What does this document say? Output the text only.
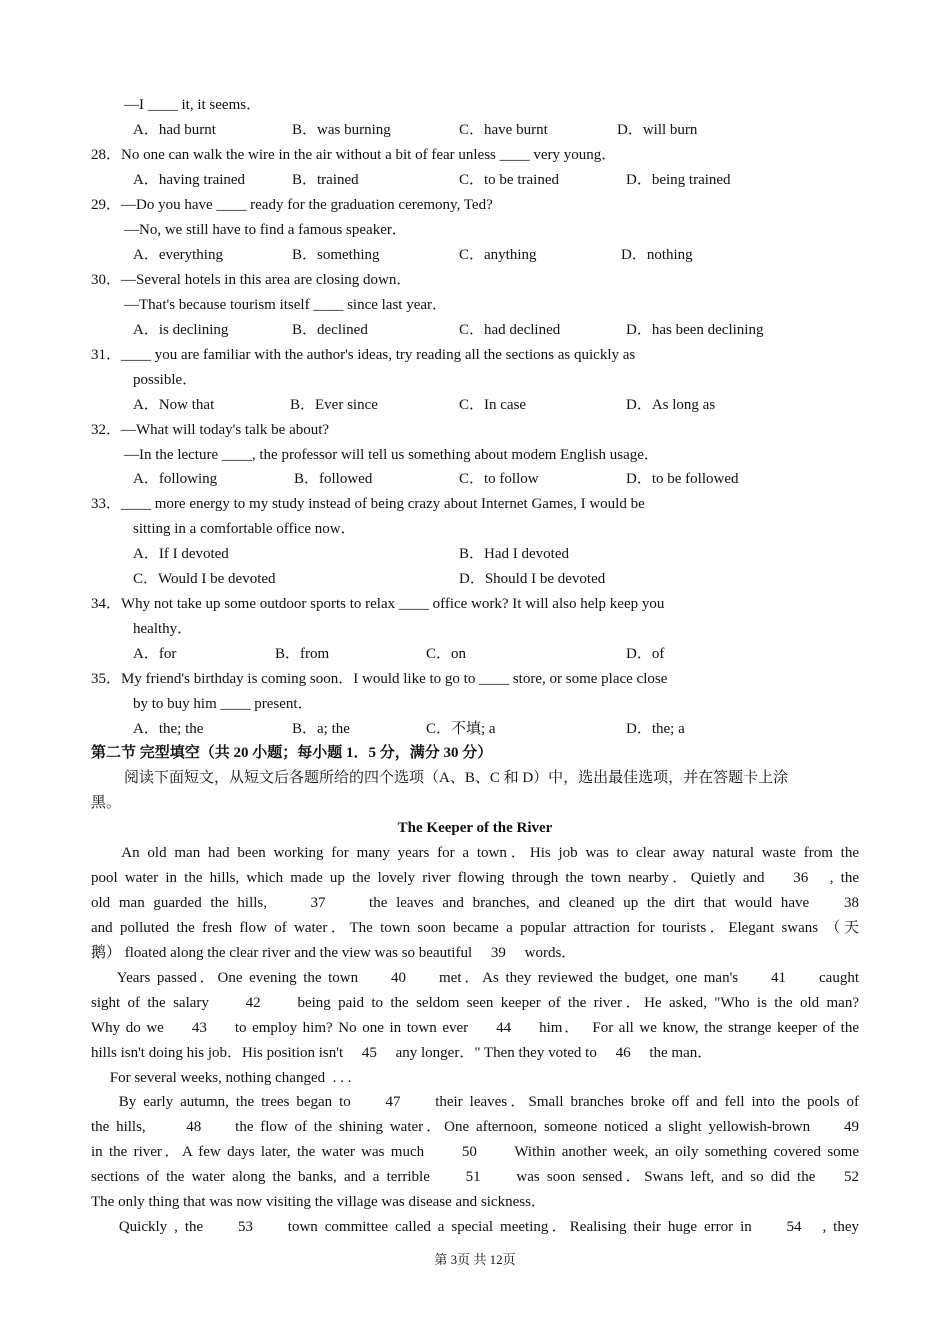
—I ____ it, it seems．
28．No one can walk the wire in the air without a bit of fear unless ____ very young．
29．—Do you have ____ ready for the graduation ceremony, Ted?
—No, we still have to find a famous speaker．
30．—Several hotels in this area are closing down．
—That's because tourism itself ____ since last year．
31．____ you are familiar with the author's ideas, try reading all the sections as quickly as
possible．
32．—What will today's talk be about?
—In the lecture ____, the professor will tell us something about modem English usage．
33．____ more energy to my study instead of being crazy about Internet Games, I would be
sitting in a comfortable office now．
34．Why not take up some outdoor sports to relax ____ office work? It will also help keep you
healthy．
35．My friend's birthday is coming soon．I would like to go to ____ store, or some place close
by to buy him ____ present．
A．had burnt	B．was burning	C．have burnt	D．will burn
A．having trained	B．trained	C．to be trained	D．being trained
A．everything	B．something	C．anything	D．nothing
A．is declining	B．declined	C．had declined	D．has been declining
A．Now that	B．Ever since	C．In case	D．As long as
A．following	B．followed	C．to follow	D．to be followed
A．If I devoted	B．Had I devoted
C．Would I be devoted	D．Should I be devoted
A．for	B．from	C．on	D．of
A．the; the	B．a; the	C．不填; a	D．the; a
第二节 完型填空（共 20 小题；每小题 1．5 分，满分 30 分）
阅读下面短文，从短文后各题所给的四个选项（A、B、C 和 D）中，选出最佳选项，并在答题卡上涂
黑。
The Keeper of the River
An old man had been working for many years for a town．His job was to clear away natural waste from the
pool water in the hills, which made up the lovely river flowing through the town nearby．Quietly and    36   , the
old man guarded the hills,     37     the leaves and branches, and cleaned up the dirt that would have    38
and polluted the fresh flow of water．The town soon became a popular attraction for tourists．Elegant swans （天
鹅） floated along the clear river and the view was so beautiful     39     words．
Years passed．One evening the town     40     met．As they reviewed the budget, one man's     41     caught
sight of the salary     42     being paid to the seldom seen keeper of the river．He asked, "Who is the old man?
Why do we     43     to employ him? No one in town ever     44     him．  For all we know, the strange keeper of the
hills isn't doing his job．His position isn't     45     any longer．" Then they voted to     46     the man．
For several weeks, nothing changed  . . .
By early autumn, the trees began to     47     their leaves．Small branches broke off and fell into the pools of
the hills,      48     the flow of the shining water．One afternoon, someone noticed a slight yellowish-brown     49
in the river．A few days later, the water was much      50      Within another week, an oily something covered some
sections of the water along the banks, and a terrible     51     was soon sensed．Swans left, and so did the    52
The only thing that was now visiting the village was disease and sickness．
Quickly , the     53     town committee called a special meeting．Realising their huge error in     54   , they
第 3页 共 12页
